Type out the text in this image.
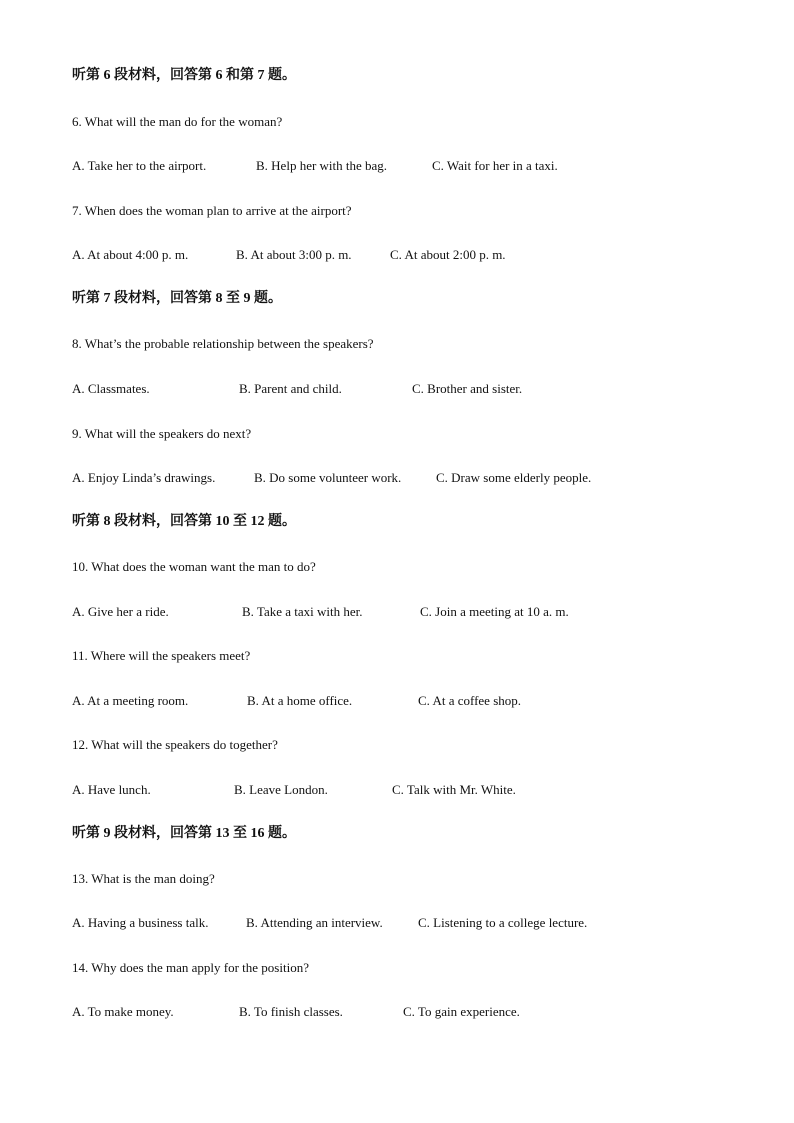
听第 6 段材料，回答第 6 和第 7 题。
6. What will the man do for the woman?
A. Take her to the airport.	B. Help her with the bag.	C. Wait for her in a taxi.
7. When does the woman plan to arrive at the airport?
A. At about 4:00 p. m.	B. At about 3:00 p. m.	C. At about 2:00 p. m.
听第 7 段材料，回答第 8 至 9 题。
8. What’s the probable relationship between the speakers?
A. Classmates.	B. Parent and child.	C. Brother and sister.
9. What will the speakers do next?
A. Enjoy Linda’s drawings.	B. Do some volunteer work.	C. Draw some elderly people.
听第 8 段材料，回答第 10 至 12 题。
10. What does the woman want the man to do?
A. Give her a ride.	B. Take a taxi with her.	C. Join a meeting at 10 a. m.
11. Where will the speakers meet?
A. At a meeting room.	B. At a home office.	C. At a coffee shop.
12. What will the speakers do together?
A. Have lunch.	B. Leave London.	C. Talk with Mr. White.
听第 9 段材料，回答第 13 至 16 题。
13. What is the man doing?
A. Having a business talk.	B. Attending an interview.	C. Listening to a college lecture.
14. Why does the man apply for the position?
A. To make money.	B. To finish classes.	C. To gain experience.
